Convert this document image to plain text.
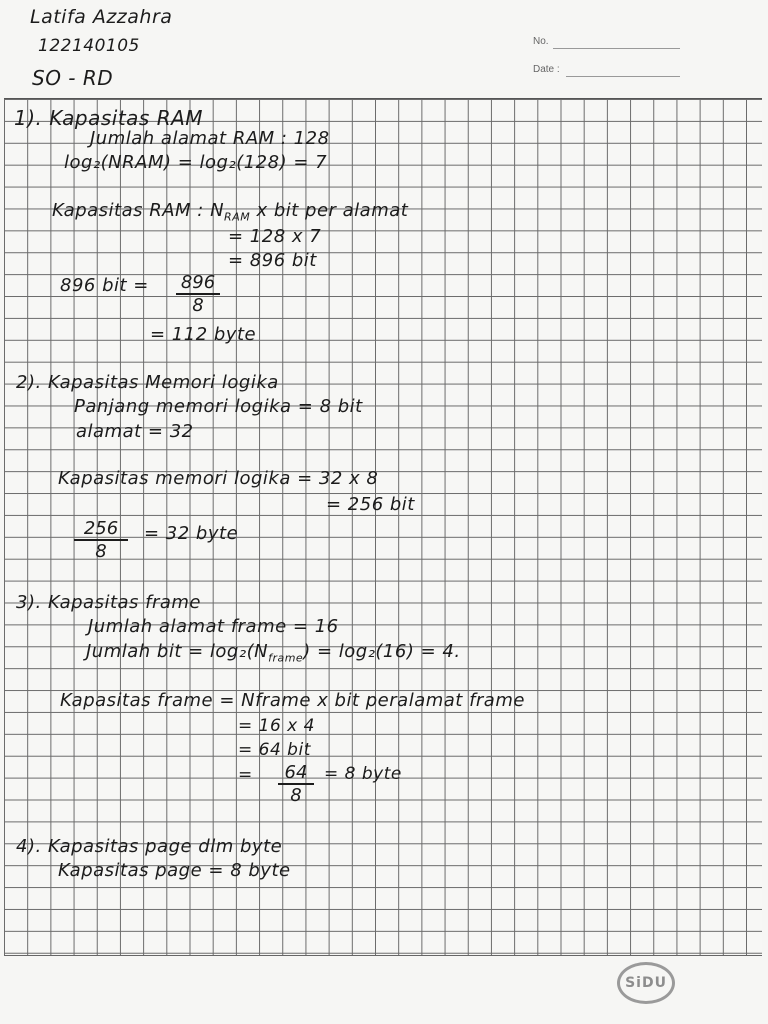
Latifa Azzahra
122140105
SO - RD
No.
Date :
1). Kapasitas RAM
Jumlah alamat RAM : 128
log₂(NRAM) = log₂(128) = 7
Kapasitas RAM : $N_{RAM}$ x bit per alamat
= 128 x 7
= 896 bit
896 bit = $\frac{896}{8}$
= 112 byte
2). Kapasitas Memori logika
Panjang memori logika = 8 bit
alamat = 32
Kapasitas memori logika = 32 x 8
= 256 bit
$\frac{256}{8} = 32$ byte
3). Kapasitas frame
Jumlah alamat frame = 16
Jumlah bit = $\log_2(N_{frame}) = \log_2(16) = 4$.
Kapasitas frame = Nframe x bit peralamat frame
= 16 x 4
= 64 bit
= $\frac{64}{8} = 8$ byte
4). Kapasitas page dlm byte
Kapasitas page = 8 byte
SiDU
